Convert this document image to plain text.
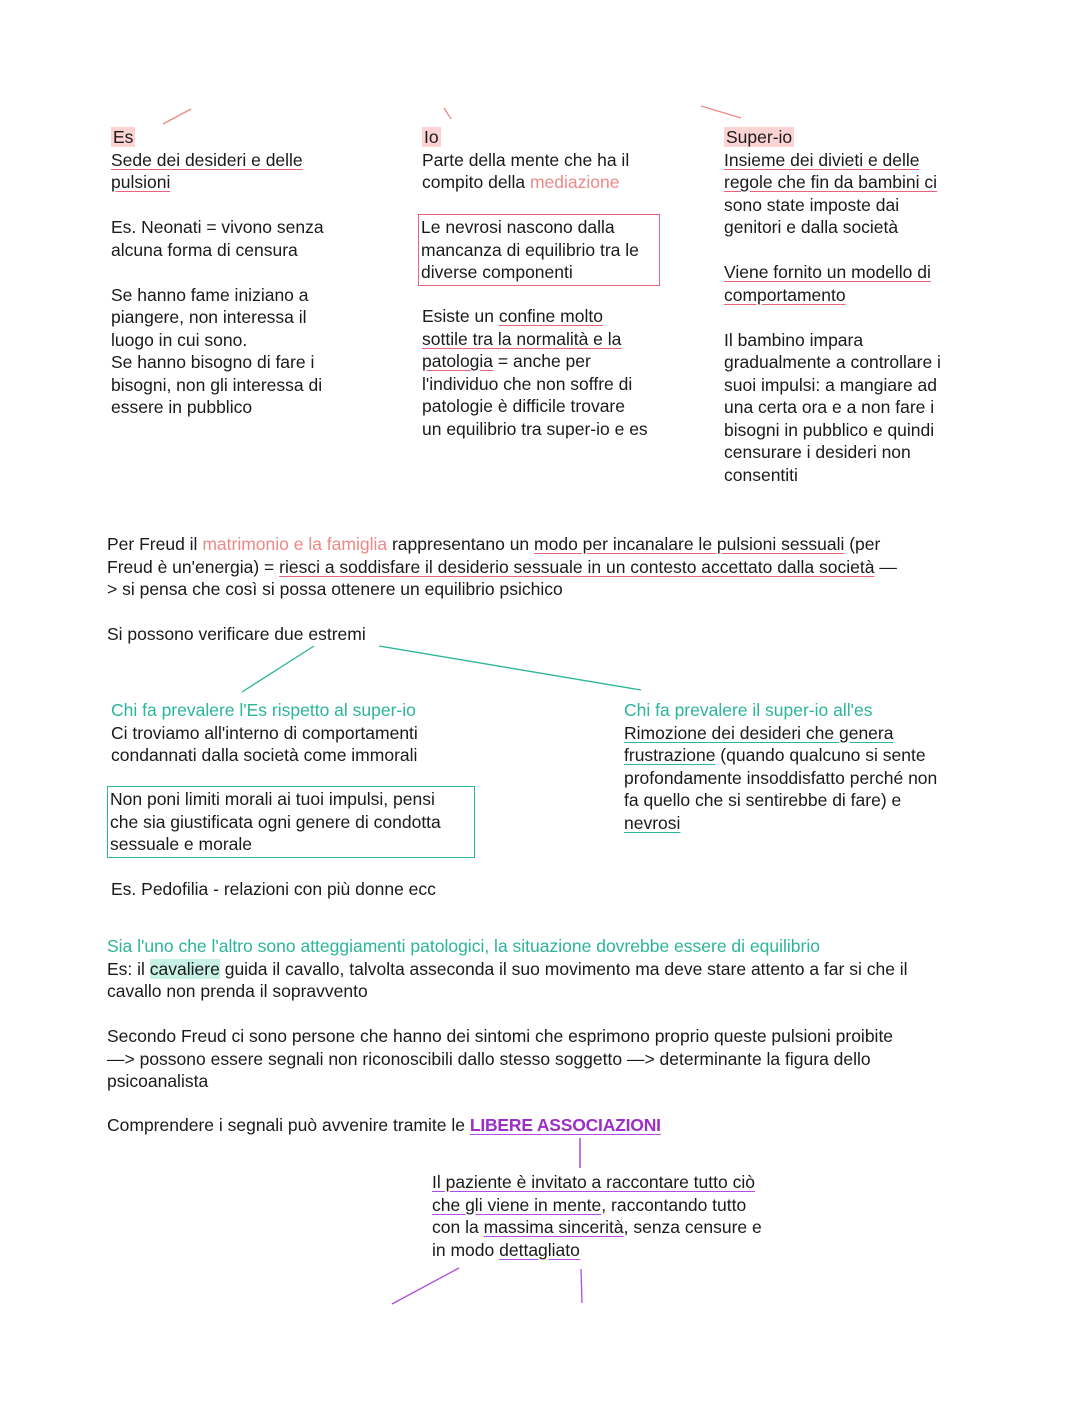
Es

Sede dei desideri e delle

pulsioni

Es. Neonati = vivono senza

alcuna forma di censura

Se hanno fame iniziano a

piangere, non interessa il

luogo in cui sono.

Se hanno bisogno di fare i

bisogni, non gli interessa di

essere in pubblico

Io

Parte della mente che ha il

compito della mediazione

Le nevrosi nascono dalla

mancanza di equilibrio tra le

diverse componenti

Esiste un confine molto

sottile tra la normalità e la

patologia = anche per

l'individuo che non soffre di

patologie è difficile trovare

un equilibrio tra super-io e es

Super-io

Insieme dei divieti e delle

regole che fin da bambini ci

sono state imposte dai

genitori e dalla società

Viene fornito un modello di

comportamento

Il bambino impara

gradualmente a controllare i

suoi impulsi: a mangiare ad

una certa ora e a non fare i

bisogni in pubblico e quindi

censurare i desideri non

consentiti

Per Freud il matrimonio e la famiglia rappresentano un modo per incanalare le pulsioni sessuali (per

Freud è un'energia) = riesci a soddisfare il desiderio sessuale in un contesto accettato dalla società —

> si pensa che così si possa ottenere un equilibrio psichico

Si possono verificare due estremi

Chi fa prevalere l'Es rispetto al super-io

Ci troviamo all'interno di comportamenti

condannati dalla società come immorali

Non poni limiti morali ai tuoi impulsi, pensi

che sia giustificata ogni genere di condotta

sessuale e morale

Es. Pedofilia - relazioni con più donne ecc

Chi fa prevalere il super-io all'es

Rimozione dei desideri che genera

frustrazione (quando qualcuno si sente

profondamente insoddisfatto perché non

fa quello che si sentirebbe di fare) e

nevrosi

Sia l'uno che l'altro sono atteggiamenti patologici, la situazione dovrebbe essere di equilibrio

Es: il cavaliere guida il cavallo, talvolta asseconda il suo movimento ma deve stare attento a far si che il

cavallo non prenda il sopravvento

Secondo Freud ci sono persone che hanno dei sintomi che esprimono proprio queste pulsioni proibite

—> possono essere segnali non riconoscibili dallo stesso soggetto —> determinante la figura dello

psicoanalista

Comprendere i segnali può avvenire tramite le LIBERE ASSOCIAZIONI

Il paziente è invitato a raccontare tutto ciò

che gli viene in mente, raccontando tutto

con la massima sincerità, senza censure e

in modo dettagliato
